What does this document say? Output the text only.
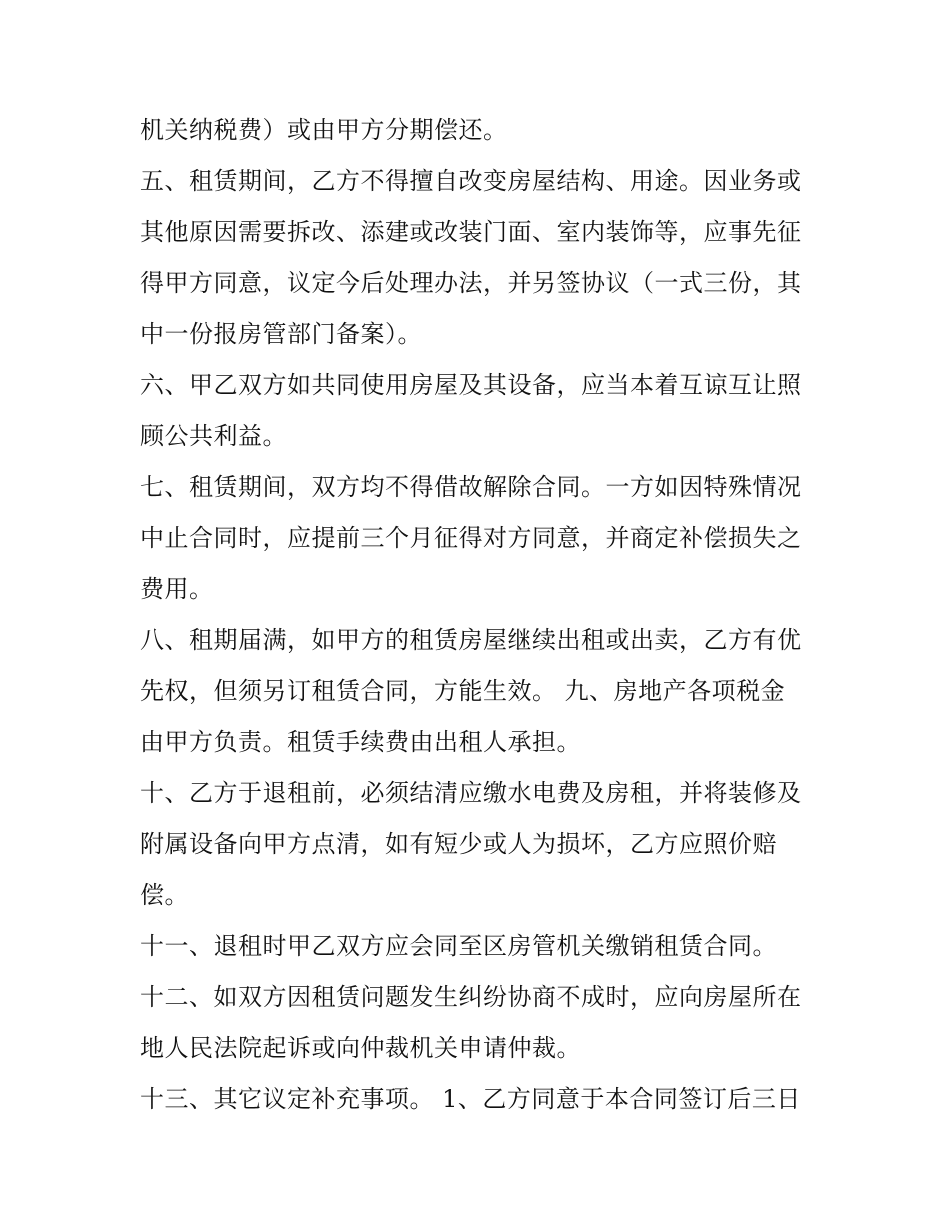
机关纳税费）或由甲方分期偿还。
五、租赁期间，乙方不得擅自改变房屋结构、用途。因业务或
其他原因需要拆改、添建或改装门面、室内装饰等，应事先征
得甲方同意，议定今后处理办法，并另签协议（一式三份，其
中一份报房管部门备案）。
六、甲乙双方如共同使用房屋及其设备，应当本着互谅互让照
顾公共利益。
七、租赁期间，双方均不得借故解除合同。一方如因特殊情况
中止合同时，应提前三个月征得对方同意，并商定补偿损失之
费用。
八、租期届满，如甲方的租赁房屋继续出租或出卖，乙方有优
先权，但须另订租赁合同，方能生效。 九、房地产各项税金
由甲方负责。租赁手续费由出租人承担。
十、乙方于退租前，必须结清应缴水电费及房租，并将装修及
附属设备向甲方点清，如有短少或人为损坏，乙方应照价赔
偿。
十一、退租时甲乙双方应会同至区房管机关缴销租赁合同。
十二、如双方因租赁问题发生纠纷协商不成时，应向房屋所在
地人民法院起诉或向仲裁机关申请仲裁。
十三、其它议定补充事项。 1、乙方同意于本合同签订后三日
